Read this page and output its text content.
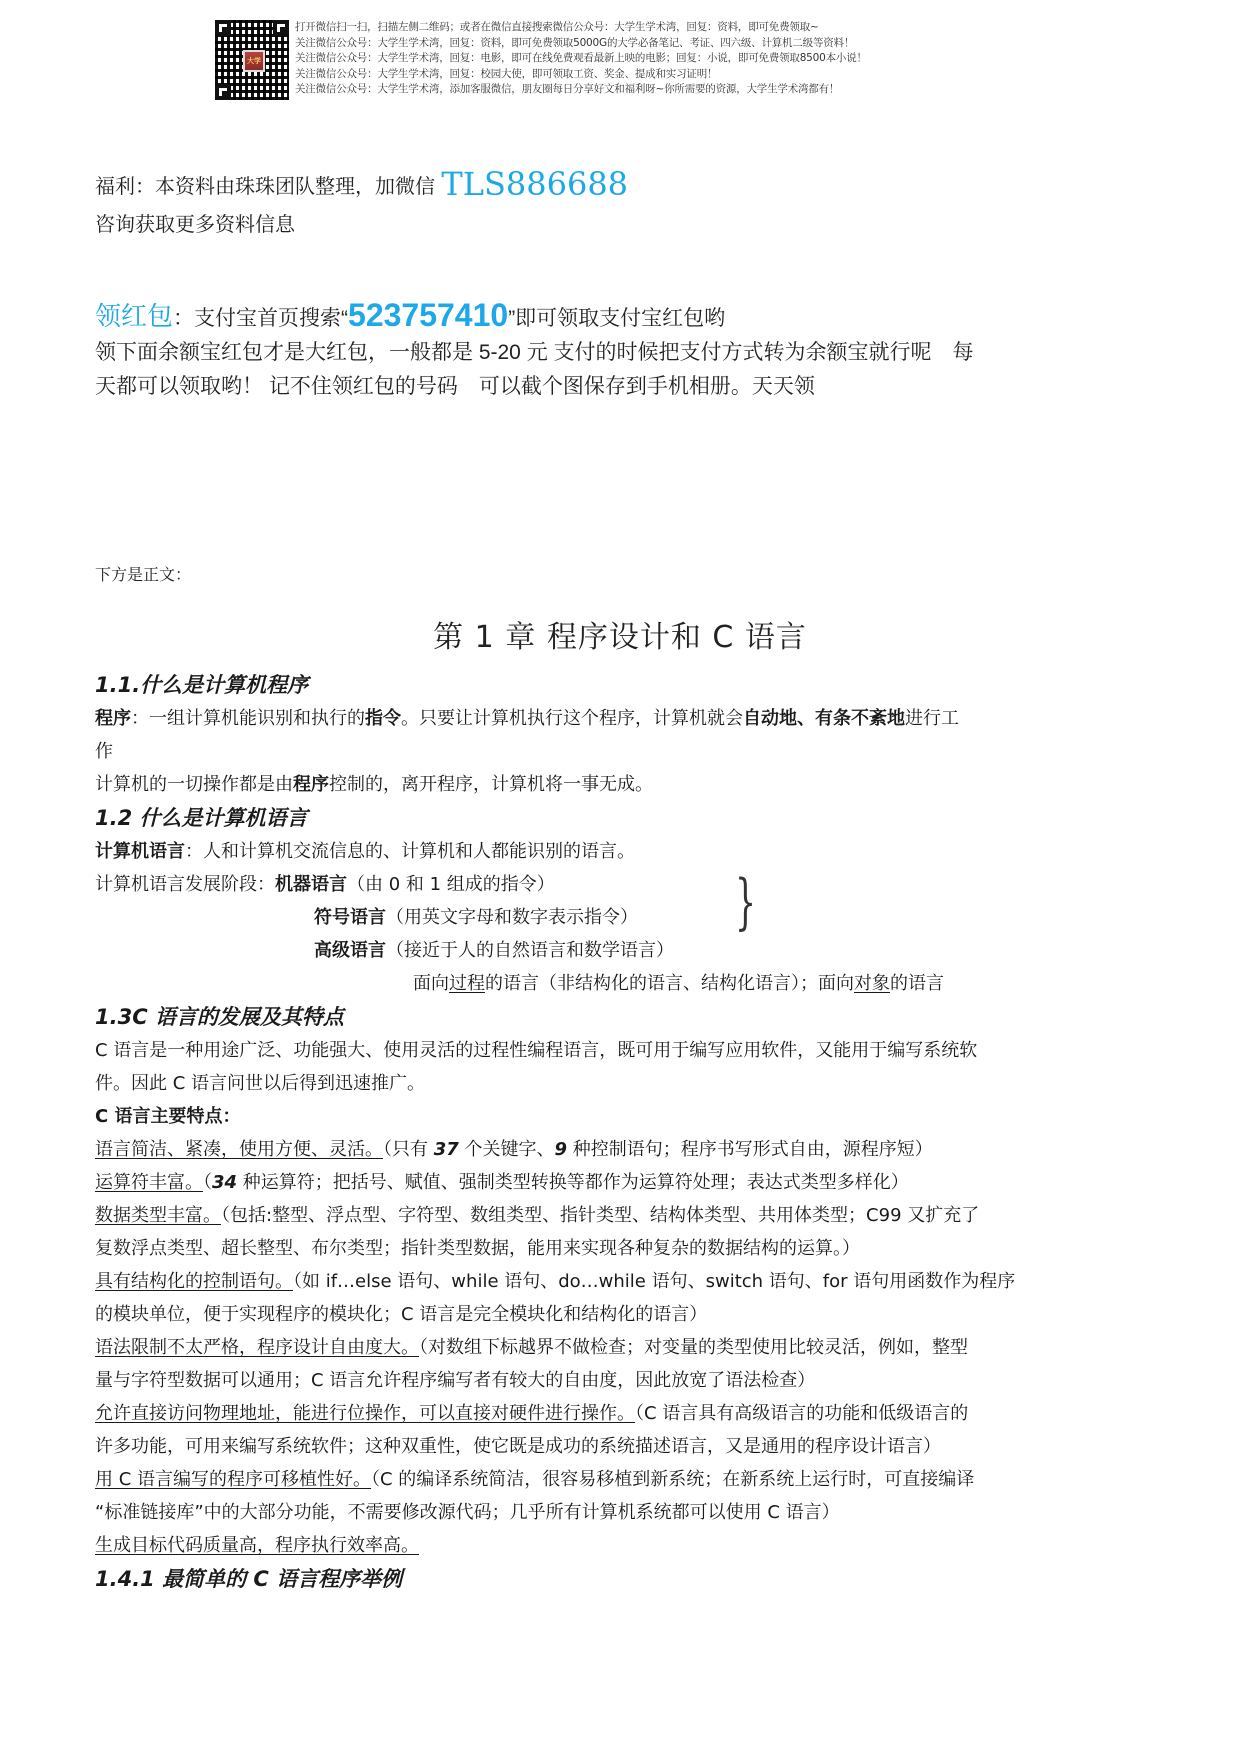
大学
打开微信扫一扫，扫描左侧二维码；或者在微信直接搜索微信公众号：大学生学术湾，回复：资料，即可免费领取~
关注微信公众号：大学生学术湾，回复：资料，即可免费领取5000G的大学必备笔记、考证、四六级、计算机二级等资料！
关注微信公众号：大学生学术湾，回复：电影，即可在线免费观看最新上映的电影；回复：小说，即可免费领取8500本小说！
关注微信公众号：大学生学术湾，回复：校园大使，即可领取工资、奖金、提成和实习证明！
关注微信公众号：大学生学术湾，添加客服微信，朋友圈每日分享好文和福利呀~你所需要的资源，大学生学术湾都有！
福利：本资料由珠珠团队整理，加微信 TLS886688
咨询获取更多资料信息
领红包：支付宝首页搜索“523757410”即可领取支付宝红包哟
领下面余额宝红包才是大红包，一般都是 5-20 元 支付的时候把支付方式转为余额宝就行呢　每
天都可以领取哟！ 记不住领红包的号码　可以截个图保存到手机相册。天天领
下方是正文：
第 1 章 程序设计和 C 语言

1.1.什么是计算机程序

程序：一组计算机能识别和执行的指令。只要让计算机执行这个程序，计算机就会自动地、有条不紊地进行工

作

计算机的一切操作都是由程序控制的，离开程序，计算机将一事无成。

1.2 什么是计算机语言

计算机语言：人和计算机交流信息的、计算机和人都能识别的语言。

计算机语言发展阶段：机器语言（由 0 和 1 组成的指令）

符号语言（用英文字母和数字表示指令）

高级语言（接近于人的自然语言和数学语言）

}

面向过程的语言（非结构化的语言、结构化语言）；面向对象的语言

1.3C 语言的发展及其特点

C 语言是一种用途广泛、功能强大、使用灵活的过程性编程语言，既可用于编写应用软件，又能用于编写系统软

件。因此 C 语言问世以后得到迅速推广。

C 语言主要特点：

语言简洁、紧凑，使用方便、灵活。（只有 37 个关键字、9 种控制语句；程序书写形式自由，源程序短）

运算符丰富。（34 种运算符；把括号、赋值、强制类型转换等都作为运算符处理；表达式类型多样化）

数据类型丰富。（包括:整型、浮点型、字符型、数组类型、指针类型、结构体类型、共用体类型；C99 又扩充了

复数浮点类型、超长整型、布尔类型；指针类型数据，能用来实现各种复杂的数据结构的运算。）

具有结构化的控制语句。（如 if…else 语句、while 语句、do…while 语句、switch 语句、for 语句用函数作为程序

的模块单位，便于实现程序的模块化；C 语言是完全模块化和结构化的语言）

语法限制不太严格，程序设计自由度大。（对数组下标越界不做检查；对变量的类型使用比较灵活，例如，整型

量与字符型数据可以通用；C 语言允许程序编写者有较大的自由度，因此放宽了语法检查）

允许直接访问物理地址，能进行位操作，可以直接对硬件进行操作。（C 语言具有高级语言的功能和低级语言的

许多功能，可用来编写系统软件；这种双重性，使它既是成功的系统描述语言，又是通用的程序设计语言）

用 C 语言编写的程序可移植性好。（C 的编译系统简洁，很容易移植到新系统；在新系统上运行时，可直接编译

“标准链接库”中的大部分功能，不需要修改源代码；几乎所有计算机系统都可以使用 C 语言）

生成目标代码质量高，程序执行效率高。

1.4.1 最简单的 C 语言程序举例
